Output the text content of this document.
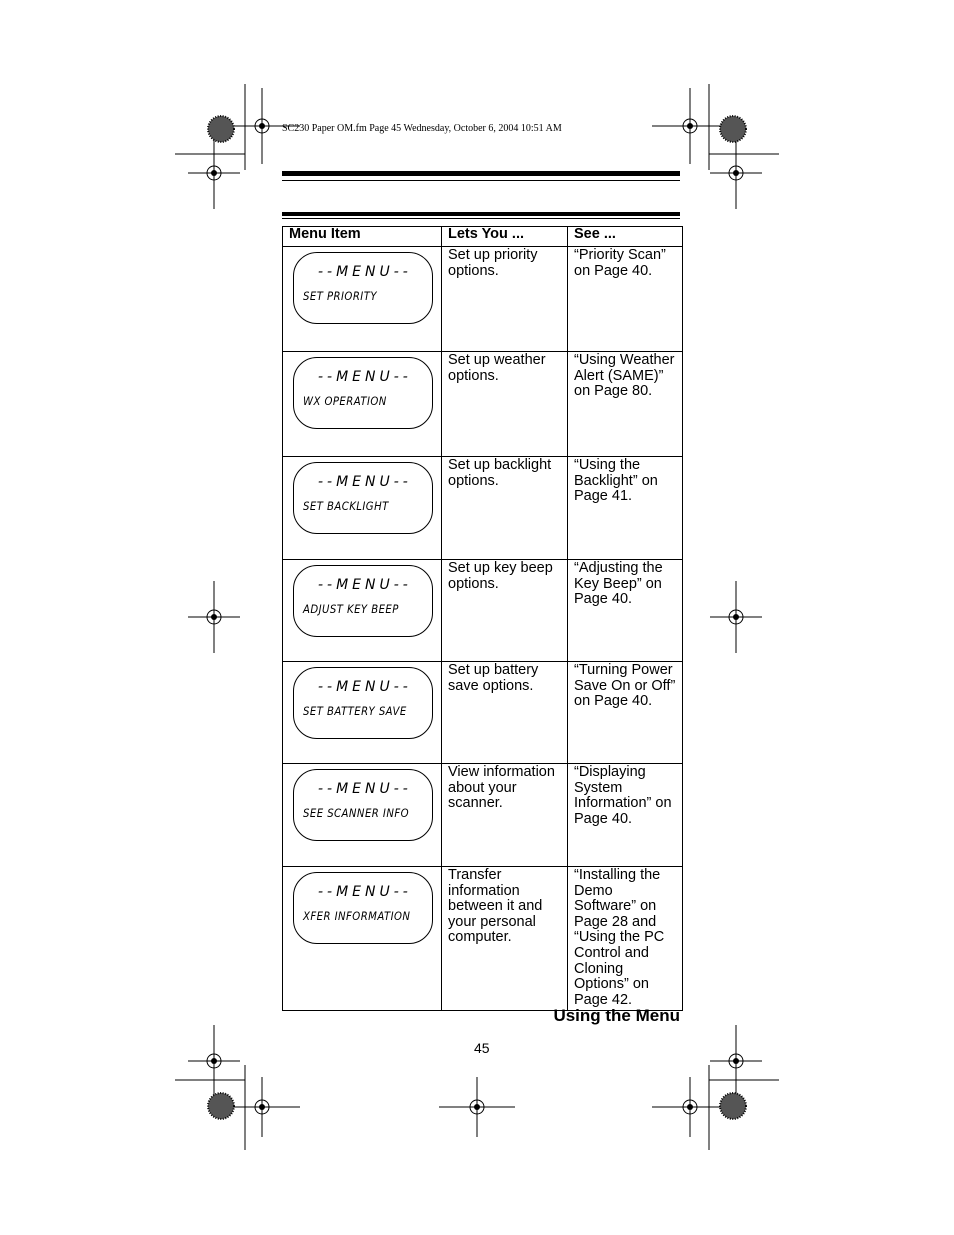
SC230 Paper OM.fm Page 45 Wednesday, October 6, 2004 10:51 AM
Menu Item	Lets You ...	See ...

--MENU--
SET PRIORITY	Set up priority options.	“Priority Scan” on Page 40.

--MENU--
WX OPERATION	Set up weather options.	“Using Weather Alert (SAME)” on Page 80.

--MENU--
SET BACKLIGHT	Set up backlight options.	“Using the Backlight” on Page 41.

--MENU--
ADJUST KEY BEEP	Set up key beep options.	“Adjusting the Key Beep” on Page 40.

--MENU--
SET BATTERY SAVE	Set up battery save options.	“Turning Power Save On or Off” on Page 40.

--MENU--
SEE SCANNER INFO	View information about your scanner.	“Displaying System Information” on Page 40.

--MENU--
XFER INFORMATION	Transfer information between it and your personal computer.	“Installing the Demo Software” on Page 28 and “Using the PC Control and Cloning Options” on Page 42.
Using the Menu
45
